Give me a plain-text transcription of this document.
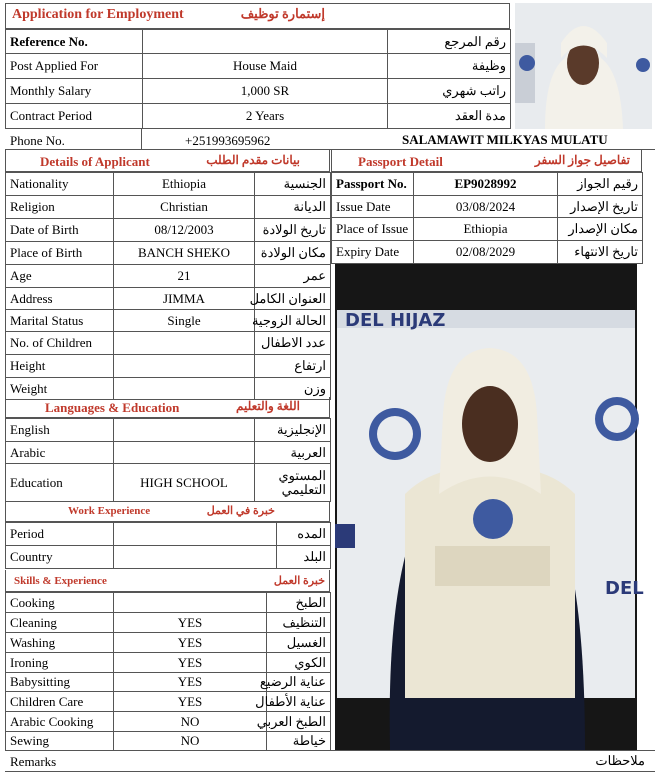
Application for Employment	إستمارة توظيف
Reference No.		رقم المرجع
Post Applied For	House Maid	وظيفة
Monthly Salary	1,000 SR	راتب شهري
Contract Period	2 Years	مدة العقد
Phone No.	+251993695962	SALAMAWIT MILKYAS MULATU
Details of Applicant	بيانات مقدم الطلب
Nationality	Ethiopia	الجنسية
Religion	Christian	الديانة
Date of Birth	08/12/2003	تاريخ الولادة
Place of Birth	BANCH SHEKO	مكان الولادة
Age	21	عمر
Address	JIMMA	العنوان الكامل
Marital Status	Single	الحالة الزوجية
No. of Children		عدد الاطفال
Height		ارتفاع
Weight		وزن
Passport Detail	تفاصيل جواز السفر
Passport No.	EP9028992	رقيم الجواز
Issue Date	03/08/2024	تاريخ الإصدار
Place of Issue	Ethiopia	مكان الإصدار
Expiry Date	02/08/2029	تاريخ الانتهاء
DEL HIJAZ
DEL
Languages & Education	اللغة والتعليم
English		الإنجليزية
Arabic		العربية
Education	HIGH SCHOOL	المستوي التعليمي
Work Experience	خبرة في العمل
Period		المده
Country		البلد
Skills & Experience	خبرة العمل
Cooking		الطبخ
Cleaning	YES	التنظيف
Washing	YES	الغسيل
Ironing	YES	الكوي
Babysitting	YES	عناية الرضيع
Children Care	YES	عناية الأطفال
Arabic Cooking	NO	الطبخ العربي
Sewing	NO	خياطة
Remarks	ملاحظات
